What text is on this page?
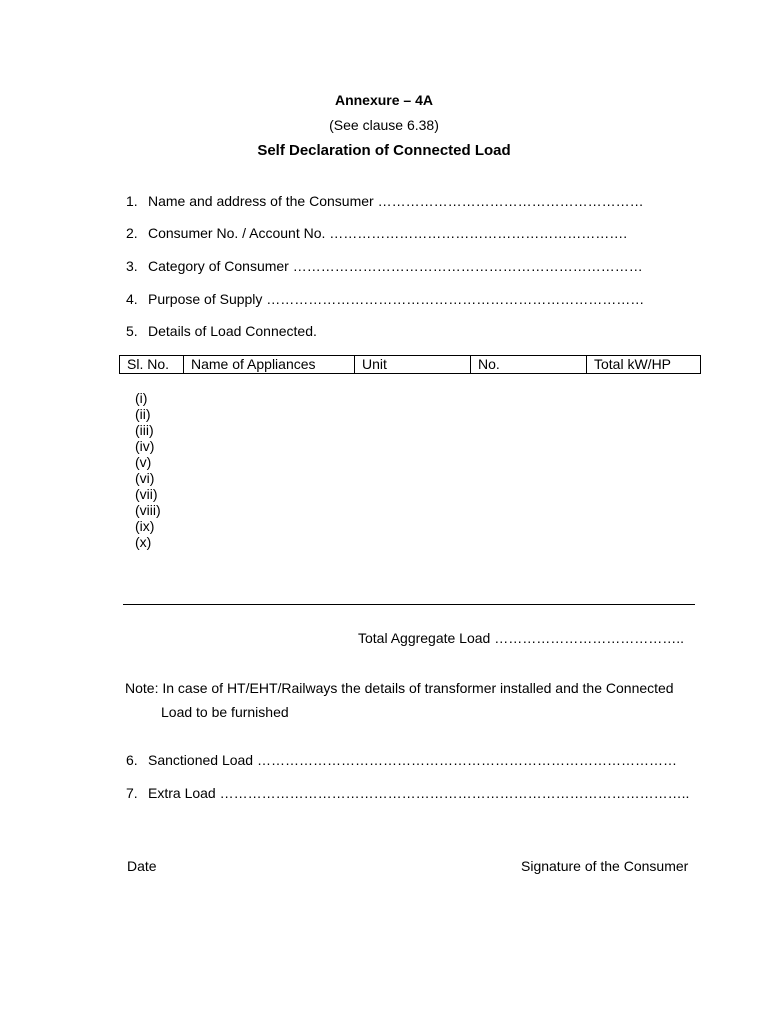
Annexure – 4A
(See clause 6.38)
Self Declaration of Connected Load
1. Name and address of the Consumer …………………………………………………
2. Consumer No. / Account No. ……………………………………………………….
3. Category of Consumer …………………………………………………………………
4. Purpose of Supply ………………………………………………………………………
5. Details of Load Connected.
Sl. No.	Name of Appliances	Unit	No.	Total kW/HP
(i)
(ii)
(iii)
(iv)
(v)
(vi)
(vii)
(viii)
(ix)
(x)
Total Aggregate Load …………………………………..
Note: In case of HT/EHT/Railways the details of transformer installed and the Connected
Load to be furnished
6. Sanctioned Load ………………………………………………………………………………
7. Extra Load ………………………………………………………………………………………..
Date	Signature of the Consumer
